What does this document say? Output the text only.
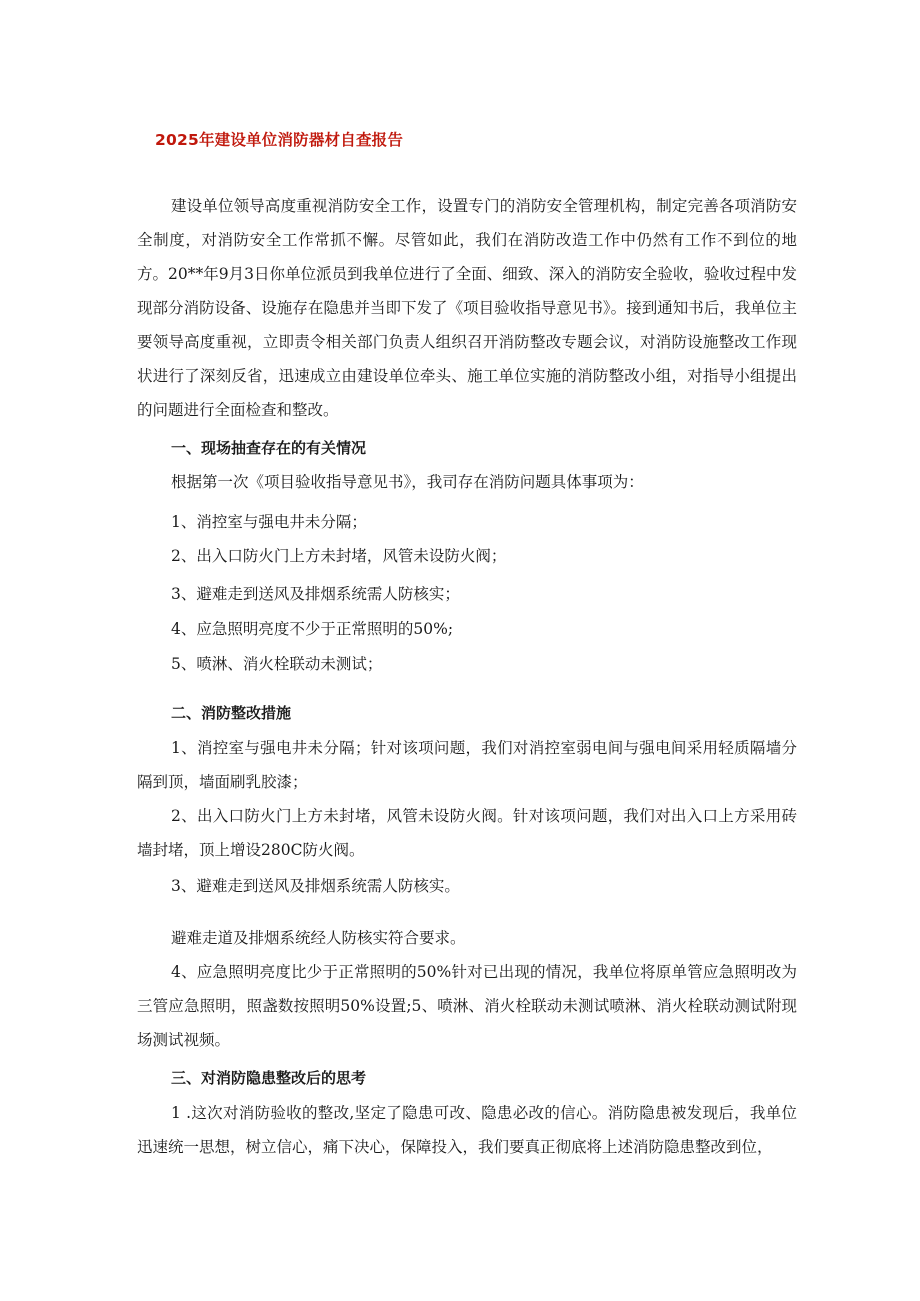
2025年建设单位消防器材自查报告

建设单位领导高度重视消防安全工作，设置专门的消防安全管理机构，制定完善各项消防安全制度，对消防安全工作常抓不懈。尽管如此，我们在消防改造工作中仍然有工作不到位的地方。20**年9月3日你单位派员到我单位进行了全面、细致、深入的消防安全验收，验收过程中发现部分消防设备、设施存在隐患并当即下发了《项目验收指导意见书》。接到通知书后，我单位主要领导高度重视，立即责令相关部门负责人组织召开消防整改专题会议，对消防设施整改工作现状进行了深刻反省，迅速成立由建设单位牵头、施工单位实施的消防整改小组，对指导小组提出的问题进行全面检查和整改。

一、现场抽查存在的有关情况
根据第一次《项目验收指导意见书》，我司存在消防问题具体事项为：
1、消控室与强电井未分隔；
2、出入口防火门上方未封堵，风管未设防火阀；
3、避难走到送风及排烟系统需人防核实；
4、应急照明亮度不少于正常照明的50%;
5、喷淋、消火栓联动未测试；
二、消防整改措施

1、消控室与强电井未分隔；针对该项问题，我们对消控室弱电间与强电间采用轻质隔墙分隔到顶，墙面刷乳胶漆；

2、出入口防火门上方未封堵，风管未设防火阀。针对该项问题，我们对出入口上方采用砖墙封堵，顶上增设280C防火阀。

3、避难走到送风及排烟系统需人防核实。
避难走道及排烟系统经人防核实符合要求。

4、应急照明亮度比少于正常照明的50%针对已出现的情况，我单位将原单管应急照明改为三管应急照明，照盏数按照明50%设置;5、喷淋、消火栓联动未测试喷淋、消火栓联动测试附现场测试视频。

三、对消防隐患整改后的思考

1 .这次对消防验收的整改,坚定了隐患可改、隐患必改的信心。消防隐患被发现后，我单位迅速统一思想，树立信心，痛下决心，保障投入，我们要真正彻底将上述消防隐患整改到位，
